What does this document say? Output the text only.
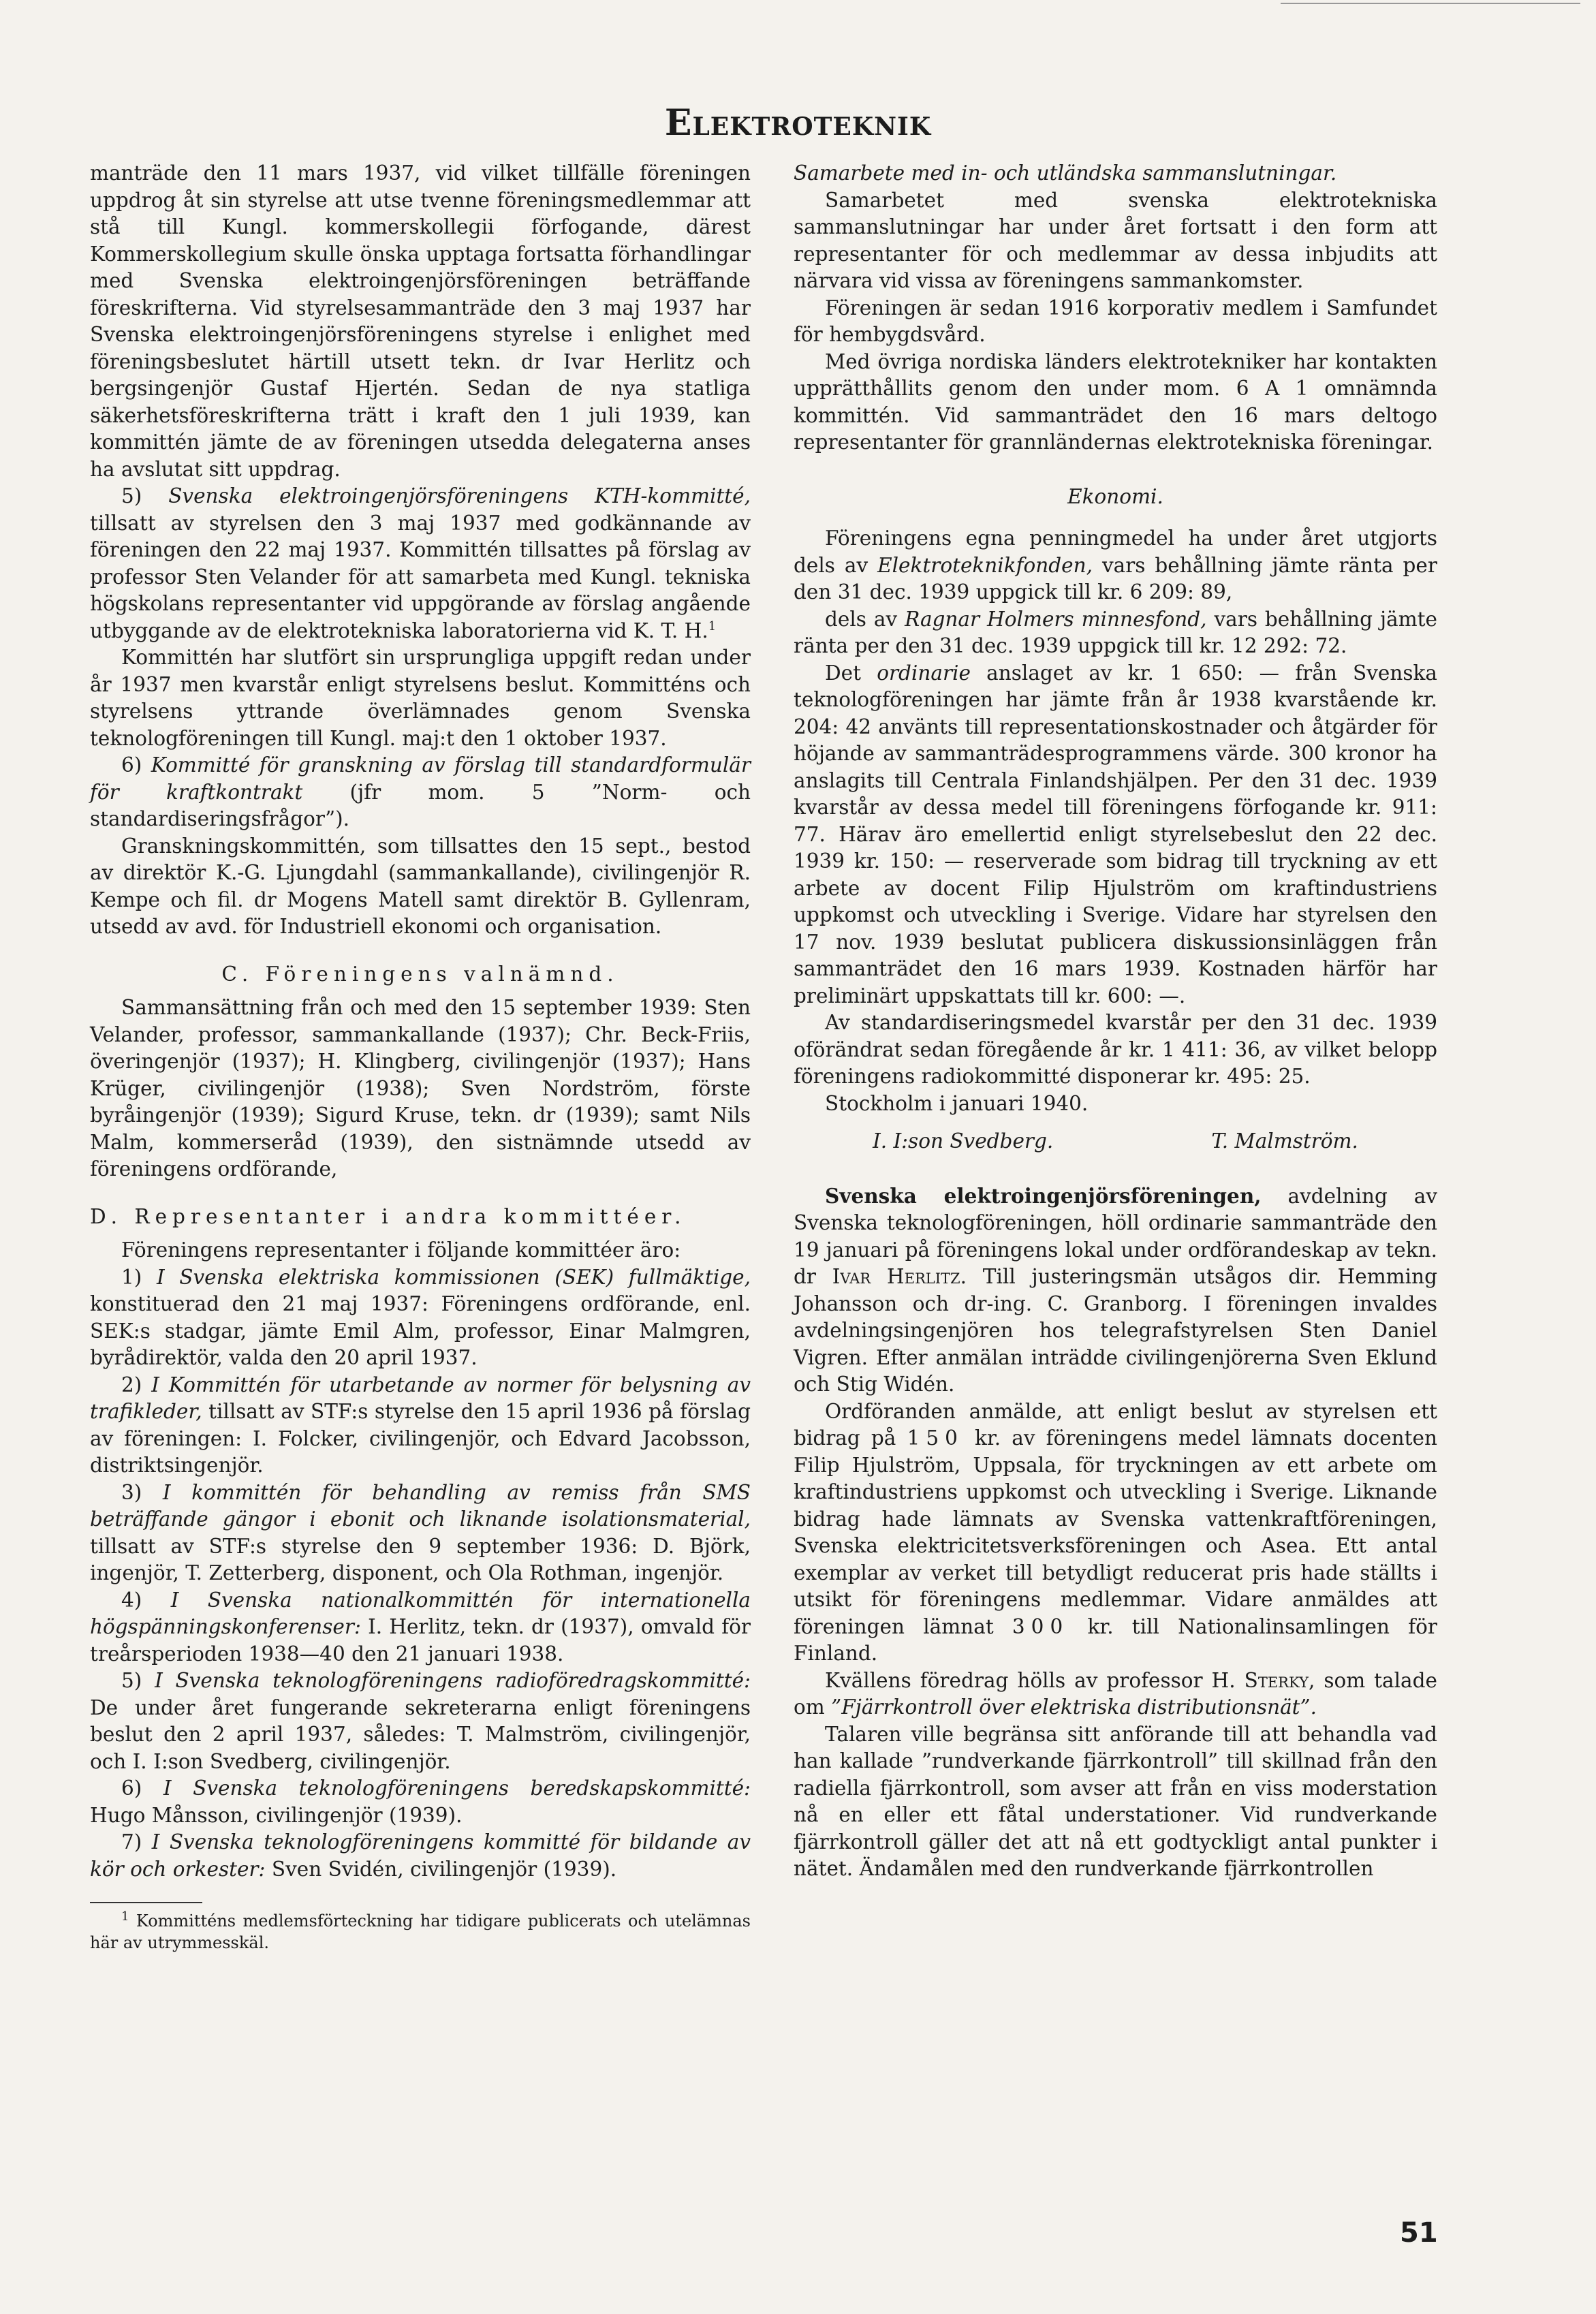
Elektroteknik

manträde den 11 mars 1937, vid vilket tillfälle föreningen uppdrog åt sin styrelse att utse tvenne föreningsmedlemmar att stå till Kungl. kommerskollegii förfogande, därest Kommerskollegium skulle önska upptaga fortsatta förhandlingar med Svenska elektroingenjörsföreningen beträffande föreskrifterna. Vid styrelsesammanträde den 3 maj 1937 har Svenska elektroingenjörsföreningens styrelse i enlighet med föreningsbeslutet härtill utsett tekn. dr Ivar Herlitz och bergsingenjör Gustaf Hjertén. Sedan de nya statliga säkerhetsföreskrifterna trätt i kraft den 1 juli 1939, kan kommittén jämte de av föreningen utsedda delegaterna anses ha avslutat sitt uppdrag.

5) Svenska elektroingenjörsföreningens KTH-kommitté, tillsatt av styrelsen den 3 maj 1937 med godkännande av föreningen den 22 maj 1937. Kommittén tillsattes på förslag av professor Sten Velander för att samarbeta med Kungl. tekniska högskolans representanter vid uppgörande av förslag angående utbyggande av de elektrotekniska laboratorierna vid K. T. H.$^1$

Kommittén har slutfört sin ursprungliga uppgift redan under år 1937 men kvarstår enligt styrelsens beslut. Kommitténs och styrelsens yttrande överlämnades genom Svenska teknologföreningen till Kungl. maj:t den 1 oktober 1937.

6) Kommitté för granskning av förslag till standardformulär för kraftkontrakt (jfr mom. 5 ”Norm- och standardiseringsfrågor”).

Granskningskommittén, som tillsattes den 15 sept., bestod av direktör K.-G. Ljungdahl (sammankallande), civilingenjör R. Kempe och fil. dr Mogens Matell samt direktör B. Gyllenram, utsedd av avd. för Industriell ekonomi och organisation.

C. Föreningens valnämnd.

Sammansättning från och med den 15 september 1939: Sten Velander, professor, sammankallande (1937); Chr. Beck-Friis, överingenjör (1937); H. Klingberg, civilingenjör (1937); Hans Krüger, civilingenjör (1938); Sven Nordström, förste byråingenjör (1939); Sigurd Kruse, tekn. dr (1939); samt Nils Malm, kommerseråd (1939), den sistnämnde utsedd av föreningens ordförande,

D. Representanter i andra kommittéer.

Föreningens representanter i följande kommittéer äro:

1) I Svenska elektriska kommissionen (SEK) fullmäktige, konstituerad den 21 maj 1937: Föreningens ordförande, enl. SEK:s stadgar, jämte Emil Alm, professor, Einar Malmgren, byrådirektör, valda den 20 april 1937.

2) I Kommittén för utarbetande av normer för belysning av trafikleder, tillsatt av STF:s styrelse den 15 april 1936 på förslag av föreningen: I. Folcker, civilingenjör, och Edvard Jacobsson, distriktsingenjör.

3) I kommittén för behandling av remiss från SMS beträffande gängor i ebonit och liknande isolationsmaterial, tillsatt av STF:s styrelse den 9 september 1936: D. Björk, ingenjör, T. Zetterberg, disponent, och Ola Rothman, ingenjör.

4) I Svenska nationalkommittén för internationella högspänningskonferenser: I. Herlitz, tekn. dr (1937), omvald för treårsperioden 1938—40 den 21 januari 1938.

5) I Svenska teknologföreningens radioföredragskommitté: De under året fungerande sekreterarna enligt föreningens beslut den 2 april 1937, således: T. Malmström, civilingenjör, och I. I:son Svedberg, civilingenjör.

6) I Svenska teknologföreningens beredskapskommitté: Hugo Månsson, civilingenjör (1939).

7) I Svenska teknologföreningens kommitté för bildande av kör och orkester: Sven Svidén, civilingenjör (1939).

$^1$ Kommitténs medlemsförteckning har tidigare publicerats och utelämnas här av utrymmesskäl.

Samarbete med in- och utländska sammanslutningar.

Samarbetet med svenska elektrotekniska sammanslutningar har under året fortsatt i den form att representanter för och medlemmar av dessa inbjudits att närvara vid vissa av föreningens sammankomster.

Föreningen är sedan 1916 korporativ medlem i Samfundet för hembygdsvård.

Med övriga nordiska länders elektrotekniker har kontakten upprätthållits genom den under mom. 6 A 1 omnämnda kommittén. Vid sammanträdet den 16 mars deltogo representanter för grannländernas elektrotekniska föreningar.

Ekonomi.

Föreningens egna penningmedel ha under året utgjorts dels av Elektroteknikfonden, vars behållning jämte ränta per den 31 dec. 1939 uppgick till kr. 6 209: 89,

dels av Ragnar Holmers minnesfond, vars behållning jämte ränta per den 31 dec. 1939 uppgick till kr. 12 292: 72.

Det ordinarie anslaget av kr. 1 650: — från Svenska teknologföreningen har jämte från år 1938 kvarstående kr. 204: 42 använts till representationskostnader och åtgärder för höjande av sammanträdesprogrammens värde. 300 kronor ha anslagits till Centrala Finlandshjälpen. Per den 31 dec. 1939 kvarstår av dessa medel till föreningens förfogande kr. 911: 77. Härav äro emellertid enligt styrelsebeslut den 22 dec. 1939 kr. 150: — reserverade som bidrag till tryckning av ett arbete av docent Filip Hjulström om kraftindustriens uppkomst och utveckling i Sverige. Vidare har styrelsen den 17 nov. 1939 beslutat publicera diskussionsinläggen från sammanträdet den 16 mars 1939. Kostnaden härför har preliminärt uppskattats till kr. 600: —.

Av standardiseringsmedel kvarstår per den 31 dec. 1939 oförändrat sedan föregående år kr. 1 411: 36, av vilket belopp föreningens radiokommitté disponerar kr. 495: 25.

Stockholm i januari 1940.

I. I:son Svedberg.	T. Malmström.

Svenska elektroingenjörsföreningen, avdelning av Svenska teknologföreningen, höll ordinarie sammanträde den 19 januari på föreningens lokal under ordförandeskap av tekn. dr Ivar Herlitz. Till justeringsmän utsågos dir. Hemming Johansson och dr-ing. C. Granborg. I föreningen invaldes avdelningsingenjören hos telegrafstyrelsen Sten Daniel Vigren. Efter anmälan inträdde civilingenjörerna Sven Eklund och Stig Widén.

Ordföranden anmälde, att enligt beslut av styrelsen ett bidrag på 150 kr. av föreningens medel lämnats docenten Filip Hjulström, Uppsala, för tryckningen av ett arbete om kraftindustriens uppkomst och utveckling i Sverige. Liknande bidrag hade lämnats av Svenska vattenkraftföreningen, Svenska elektricitetsverksföreningen och Asea. Ett antal exemplar av verket till betydligt reducerat pris hade ställts i utsikt för föreningens medlemmar. Vidare anmäldes att föreningen lämnat 300 kr. till Nationalinsamlingen för Finland.

Kvällens föredrag hölls av professor H. Sterky, som talade om ”Fjärrkontroll över elektriska distributionsnät”.

Talaren ville begränsa sitt anförande till att behandla vad han kallade ”rundverkande fjärrkontroll” till skillnad från den radiella fjärrkontroll, som avser att från en viss moderstation nå en eller ett fåtal understationer. Vid rundverkande fjärrkontroll gäller det att nå ett godtyckligt antal punkter i nätet. Ändamålen med den rundverkande fjärrkontrollen

51
